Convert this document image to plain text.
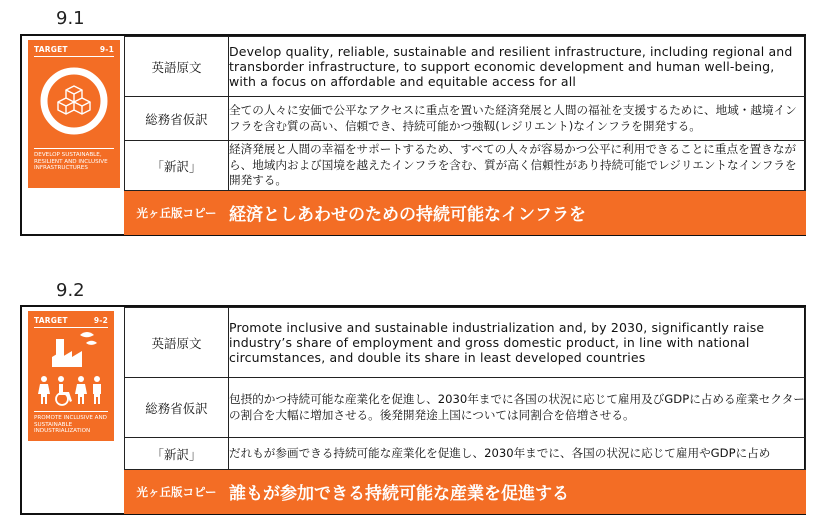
9.1
TARGET	9-1
DEVELOP SUSTAINABLE, RESILIENT AND INCLUSIVE INFRASTRUCTURES
英語原文	Develop quality, reliable, sustainable and resilient infrastructure, including regional and transborder infrastructure, to support economic development and human well-being, with a focus on affordable and equitable access for all

総務省仮訳	全ての人々に安価で公平なアクセスに重点を置いた経済発展と人間の福祉を支援するために、地域・越境インフラを含む質の高い、信頼でき、持続可能かつ強靱(レジリエント)なインフラを開発する。
「新訳」	経済発展と人間の幸福をサポートするため、すべての人々が容易かつ公平に利用できることに重点を置きながら、地域内および国境を越えたインフラを含む、質が高く信頼性があり持続可能でレジリエントなインフラを開発する。
光ヶ丘版コピー	経済としあわせのための持続可能なインフラを
9.2
TARGET	9-2
PROMOTE INCLUSIVE AND SUSTAINABLE INDUSTRIALIZATION
英語原文	Promote inclusive and sustainable industrialization and, by 2030, significantly raise industry’s share of employment and gross domestic product, in line with national circumstances, and double its share in least developed countries

総務省仮訳	包摂的かつ持続可能な産業化を促進し、2030年までに各国の状況に応じて雇用及びGDPに占める産業セクターの割合を大幅に増加させる。後発開発途上国については同割合を倍増させる。
「新訳」	だれもが参画できる持続可能な産業化を促進し、2030年までに、各国の状況に応じて雇用やGDPに占め
光ヶ丘版コピー	誰もが参加できる持続可能な産業を促進する
